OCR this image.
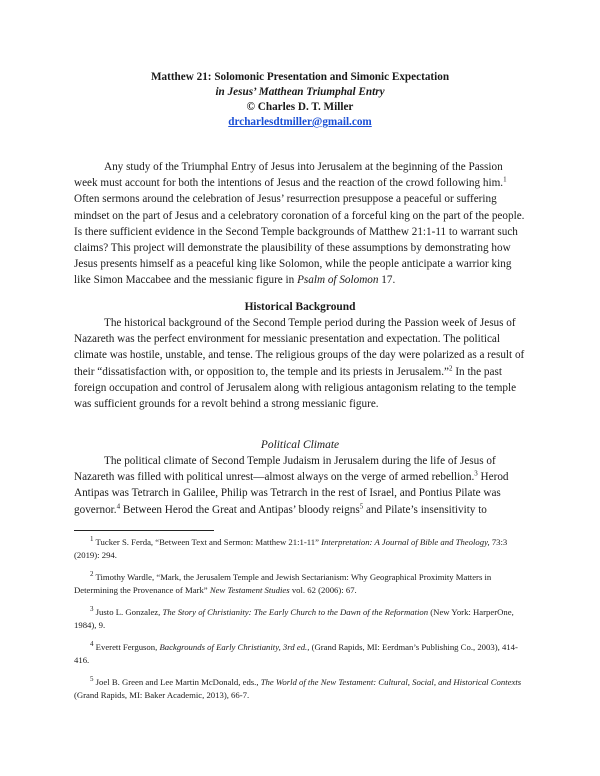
Matthew 21: Solomonic Presentation and Simonic Expectation
in Jesus’ Matthean Triumphal Entry
© Charles D. T. Miller
drcharlesdtmiller@gmail.com

Any study of the Triumphal Entry of Jesus into Jerusalem at the beginning of the Passion week must account for both the intentions of Jesus and the reaction of the crowd following him.$^1$ Often sermons around the celebration of Jesus’ resurrection presuppose a peaceful or suffering mindset on the part of Jesus and a celebratory coronation of a forceful king on the part of the people. Is there sufficient evidence in the Second Temple backgrounds of Matthew 21:1-11 to warrant such claims? This project will demonstrate the plausibility of these assumptions by demonstrating how Jesus presents himself as a peaceful king like Solomon, while the people anticipate a warrior king like Simon Maccabee and the messianic figure in Psalm of Solomon 17.

Historical Background

The historical background of the Second Temple period during the Passion week of Jesus of Nazareth was the perfect environment for messianic presentation and expectation. The political climate was hostile, unstable, and tense. The religious groups of the day were polarized as a result of their “dissatisfaction with, or opposition to, the temple and its priests in Jerusalem.”$^2$ In the past foreign occupation and control of Jerusalem along with religious antagonism relating to the temple was sufficient grounds for a revolt behind a strong messianic figure.

Political Climate

The political climate of Second Temple Judaism in Jerusalem during the life of Jesus of Nazareth was filled with political unrest—almost always on the verge of armed rebellion.$^3$ Herod Antipas was Tetrarch in Galilee, Philip was Tetrarch in the rest of Israel, and Pontius Pilate was governor.$^4$ Between Herod the Great and Antipas’ bloody reigns$^5$ and Pilate’s insensitivity to

$^1$ Tucker S. Ferda, “Between Text and Sermon: Matthew 21:1-11” Interpretation: A Journal of Bible and Theology, 73:3 (2019): 294.

$^2$ Timothy Wardle, “Mark, the Jerusalem Temple and Jewish Sectarianism: Why Geographical Proximity Matters in Determining the Provenance of Mark” New Testament Studies vol. 62 (2006): 67.

$^3$ Justo L. Gonzalez, The Story of Christianity: The Early Church to the Dawn of the Reformation (New York: HarperOne, 1984), 9.

$^4$ Everett Ferguson, Backgrounds of Early Christianity, 3rd ed., (Grand Rapids, MI: Eerdman’s Publishing Co., 2003), 414-416.

$^5$ Joel B. Green and Lee Martin McDonald, eds., The World of the New Testament: Cultural, Social, and Historical Contexts (Grand Rapids, MI: Baker Academic, 2013), 66-7.
